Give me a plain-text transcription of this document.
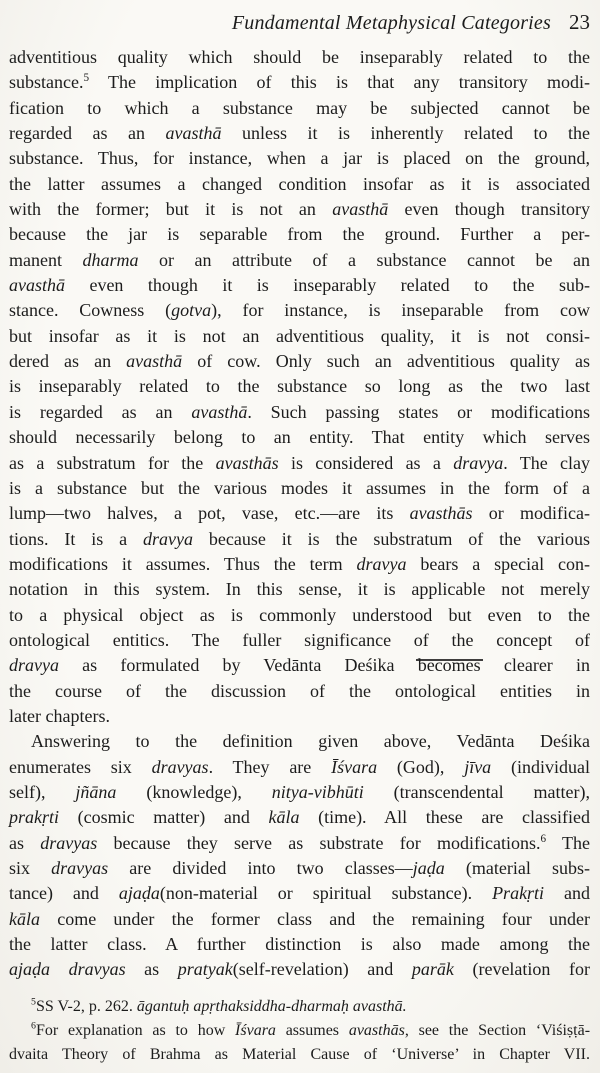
Fundamental Metaphysical Categories 23
adventitious quality which should be inseparably related to the
substance.$^5$ The implication of this is that any transitory modi-
fication to which a substance may be subjected cannot be
regarded as an avasthā unless it is inherently related to the
substance. Thus, for instance, when a jar is placed on the ground,
the latter assumes a changed condition insofar as it is associated
with the former; but it is not an avasthā even though transitory
because the jar is separable from the ground. Further a per-
manent dharma or an attribute of a substance cannot be an
avasthā even though it is inseparably related to the sub-
stance. Cowness (gotva), for instance, is inseparable from cow
but insofar as it is not an adventitious quality, it is not consi-
dered as an avasthā of cow. Only such an adventitious quality as
is inseparably related to the substance so long as the two last
is regarded as an avasthā. Such passing states or modifications
should necessarily belong to an entity. That entity which serves
as a substratum for the avasthās is considered as a dravya. The clay
is a substance but the various modes it assumes in the form of a
lump—two halves, a pot, vase, etc.—are its avasthās or modifica-
tions. It is a dravya because it is the substratum of the various
modifications it assumes. Thus the term dravya bears a special con-
notation in this system. In this sense, it is applicable not merely
to a physical object as is commonly understood but even to the
ontological entitics. The fuller significance of the concept of
dravya as formulated by Vedānta Deśika becomes clearer in
the course of the discussion of the ontological entities in
later chapters.
Answering to the definition given above, Vedānta Deśika
enumerates six dravyas. They are Īśvara (God), jīva (individual
self), jñāna (knowledge), nitya-vibhūti (transcendental matter),
prakṛti (cosmic matter) and kāla (time). All these are classified
as dravyas because they serve as substrate for modifications.$^6$ The
six dravyas are divided into two classes—jaḍa (material subs-
tance) and ajaḍa(non-material or spiritual substance). Prakṛti and
kāla come under the former class and the remaining four under
the latter class. A further distinction is also made among the
ajaḍa dravyas as pratyak(self-revelation) and parāk (revelation for
$^5$SS V-2, p. 262. āgantuḥ apṛthaksiddha-dharmaḥ avasthā.
$^6$For explanation as to how Īśvara assumes avasthās, see the Section ‘Viśiṣṭā-
dvaita Theory of Brahma as Material Cause of ‘Universe’ in Chapter VII.
